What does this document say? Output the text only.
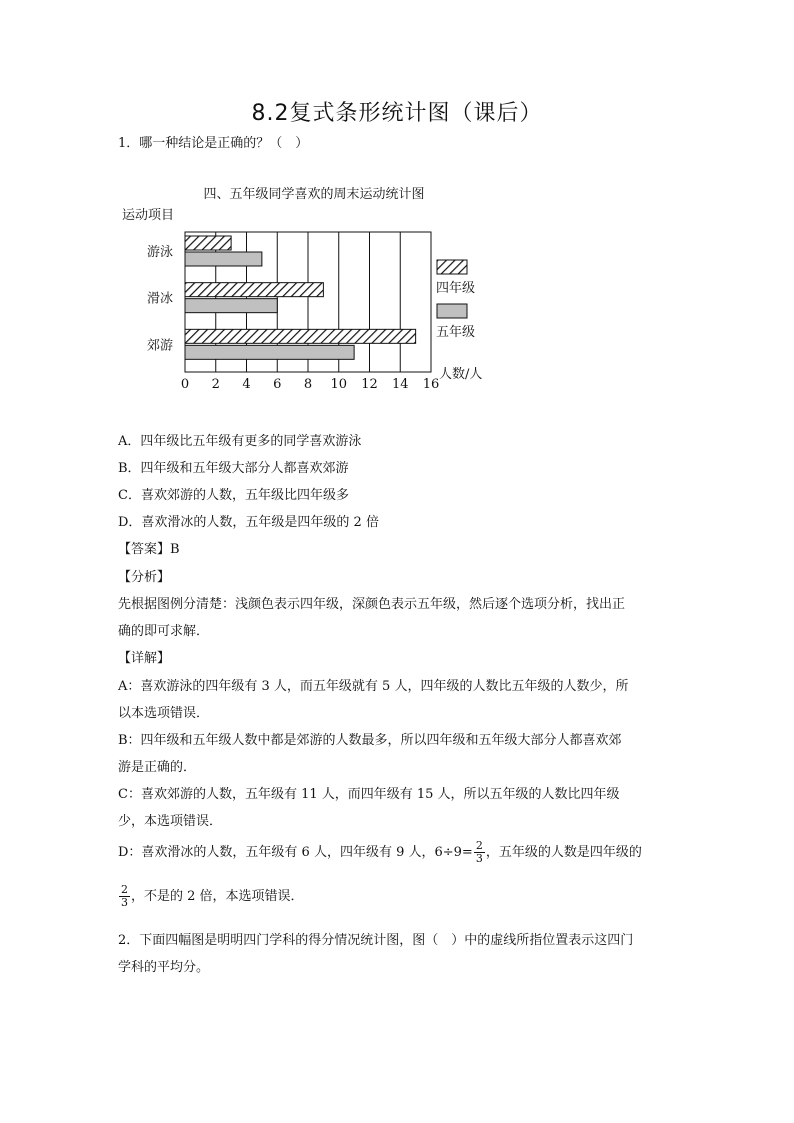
8.2复式条形统计图（课后）
1．哪一种结论是正确的？（　）
四、五年级同学喜欢的周末运动统计图
运动项目
人数/人
游泳
滑冰
郊游
0 2 4 6 8 10 12 14 16
四年级
五年级
A．四年级比五年级有更多的同学喜欢游泳
B．四年级和五年级大部分人都喜欢郊游
C．喜欢郊游的人数，五年级比四年级多
D．喜欢滑冰的人数，五年级是四年级的 2 倍
【答案】B
【分析】
先根据图例分清楚：浅颜色表示四年级，深颜色表示五年级，然后逐个选项分析，找出正
确的即可求解．
【详解】
A：喜欢游泳的四年级有 3 人，而五年级就有 5 人，四年级的人数比五年级的人数少，所
以本选项错误．
B：四年级和五年级人数中都是郊游的人数最多，所以四年级和五年级大部分人都喜欢郊
游是正确的．
C：喜欢郊游的人数，五年级有 11 人，而四年级有 15 人，所以五年级的人数比四年级
少，本选项错误．
D：喜欢滑冰的人数，五年级有 6 人，四年级有 9 人，$6\div 9= \frac{2}{3}$ ，五年级的人数是四年级的
$\frac{2}{3}$ ，不是的 2 倍，本选项错误．
2．下面四幅图是明明四门学科的得分情况统计图，图（　）中的虚线所指位置表示这四门
学科的平均分。
